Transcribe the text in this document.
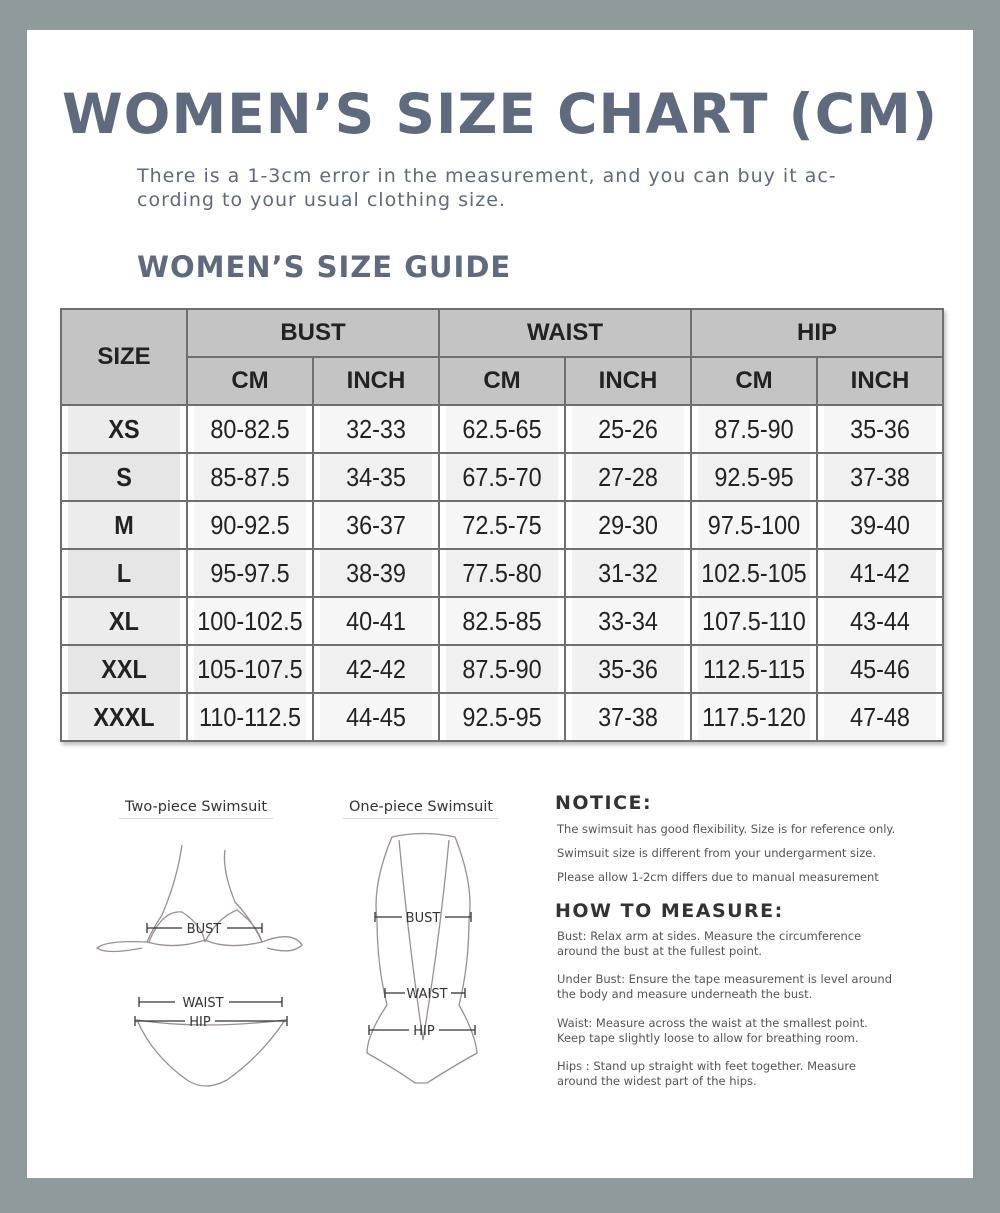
WOMEN’S SIZE CHART (CM)

There is a 1-3cm error in the measurement, and you can buy it ac-cording to your usual clothing size.

WOMEN’S SIZE GUIDE
SIZE	BUST		WAIST		HIP	
	CM	INCH	CM	INCH	CM	INCH
XS	80-82.5	32-33	62.5-65	25-26	87.5-90	35-36
S	85-87.5	34-35	67.5-70	27-28	92.5-95	37-38
M	90-92.5	36-37	72.5-75	29-30	97.5-100	39-40
L	95-97.5	38-39	77.5-80	31-32	102.5-105	41-42
XL	100-102.5	40-41	82.5-85	33-34	107.5-110	43-44
XXL	105-107.5	42-42	87.5-90	35-36	112.5-115	45-46
XXXL	110-112.5	44-45	92.5-95	37-38	117.5-120	47-48
Two-piece Swimsuit	One-piece Swimsuit
BUST
WAIST
HIP
BUST
WAIST
HIP
NOTICE:

The swimsuit has good flexibility. Size is for reference only.

Swimsuit size is different from your undergarment size.

Please allow 1-2cm differs due to manual measurement

HOW TO MEASURE:

Bust: Relax arm at sides. Measure the circumference around the bust at the fullest point.

Under Bust: Ensure the tape measurement is level around the body and measure underneath the bust.

Waist: Measure across the waist at the smallest point. Keep tape slightly loose to allow for breathing room.

Hips : Stand up straight with feet together. Measure around the widest part of the hips.
